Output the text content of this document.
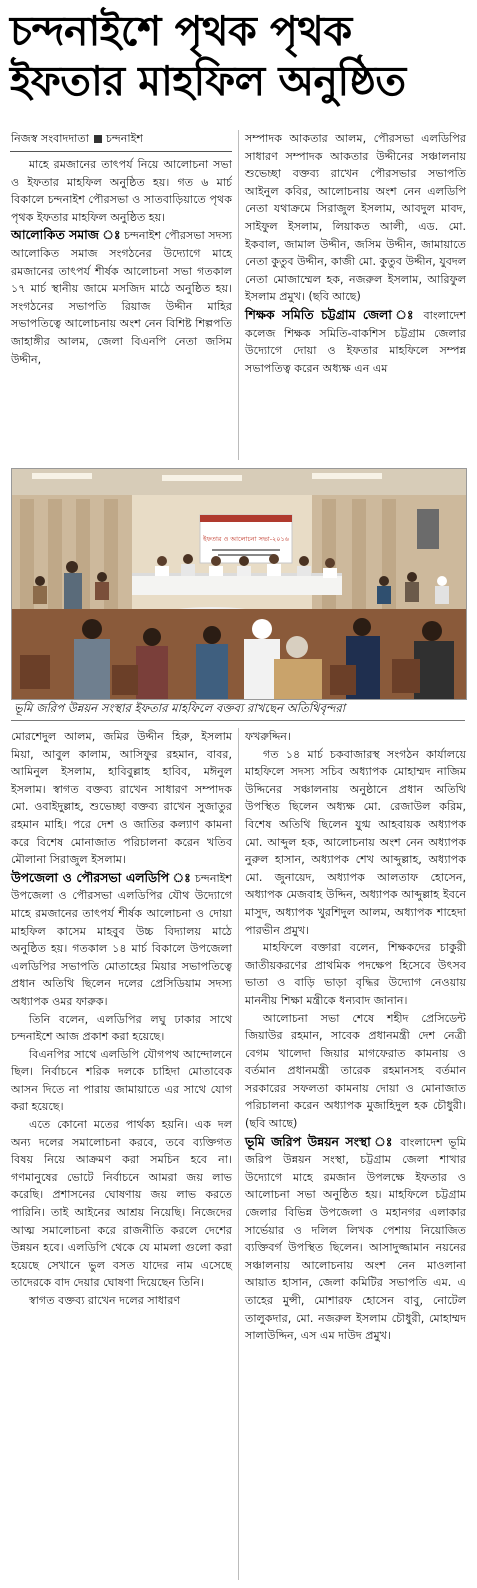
চন্দনাইশে পৃথক পৃথক
ইফতার মাহফিল অনুষ্ঠিত
নিজস্ব সংবাদদাতা চন্দনাইশ

মাহে রমজানের তাৎপর্য নিয়ে আলোচনা সভা ও ইফতার মাহফিল অনুষ্ঠিত হয়। গত ৬ মার্চ বিকালে চন্দনাইশ পৌরসভা ও সাতবাড়িয়াতে পৃথক পৃথক ইফতার মাহফিল অনুষ্ঠিত হয়।

আলোকিত সমাজ ঃ চন্দনাইশ পৌরসভা সদস্য আলোকিত সমাজ সংগঠনের উদ্যোগে মাহে রমজানের তাৎপর্য শীর্ষক আলোচনা সভা গতকাল ১৭ মার্চ স্থানীয় জামে মসজিদ মাঠে অনুষ্ঠিত হয়। সংগঠনের সভাপতি রিয়াজ উদ্দীন মাহির সভাপতিত্বে আলোচনায় অংশ নেন বিশিষ্ট শিল্পপতি জাহাঙ্গীর আলম, জেলা বিএনপি নেতা জসিম উদ্দীন,

সম্পাদক আকতার আলম, পৌরসভা এলডিপির সাধারণ সম্পাদক আকতার উদ্দীনের সঞ্চালনায় শুভেচ্ছা বক্তব্য রাখেন পৌরসভার সভাপতি আইনুল কবির, আলোচনায় অংশ নেন এলডিপি নেতা যথাক্রমে সিরাজুল ইসলাম, আবদুল মাবদ, সাইফুল ইসলাম, লিয়াকত আলী, এড. মো. ইকবাল, জামাল উদ্দীন, জসিম উদ্দীন, জামায়াতে নেতা কুতুব উদ্দীন, কাজী মো. কুতুব উদ্দীন, যুবদল নেতা মোজাম্মেল হক, নজরুল ইসলাম, আরিফুল ইসলাম প্রমুখ। (ছবি আছে)

শিক্ষক সমিতি চট্টগ্রাম জেলা ঃ বাংলাদেশ কলেজ শিক্ষক সমিতি-বাকশিস চট্টগ্রাম জেলার উদ্যোগে দোয়া ও ইফতার মাহফিলে সম্পন্ন সভাপতিত্ব করেন অধ্যক্ষ এন এম

ইফতার ও আলোচনা সভা-২০১৬
ভূমি জরিপ উন্নয়ন সংস্থার ইফতার মাহফিলে বক্তব্য রাখছেন অতিথিবৃন্দরা

মোরশেদুল আলম, জমির উদ্দীন হিরু, ইসলাম মিয়া, আবুল কালাম, আসিফুর রহমান, বাবর, আমিনুল ইসলাম, হাবিবুল্লাহ হাবিব, মঈনুল ইসলাম। স্বাগত বক্তব্য রাখেন সাধারণ সম্পাদক মো. ওবাইদুল্লাহ, শুভেচ্ছা বক্তব্য রাখেন সুজাতুর রহমান মাহি। পরে দেশ ও জাতির কল্যাণ কামনা করে বিশেষ মোনাজাত পরিচালনা করেন খতিব মৌলানা সিরাজুল ইসলাম।

উপজেলা ও পৌরসভা এলডিপি ঃ চন্দনাইশ উপজেলা ও পৌরসভা এলডিপির যৌথ উদ্যোগে মাহে রমজানের তাৎপর্য শীর্ষক আলোচনা ও দোয়া মাহফিল কাসেম মাহবুব উচ্চ বিদ্যালয় মাঠে অনুষ্ঠিত হয়। গতকাল ১৪ মার্চ বিকালে উপজেলা এলডিপির সভাপতি মোতাহের মিয়ার সভাপতিত্বে প্রধান অতিথি ছিলেন দলের প্রেসিডিয়াম সদস্য অধ্যাপক ওমর ফারুক।

তিনি বলেন, এলডিপির লঘু ঢাকার সাথে চন্দনাইশে আজ প্রকাশ করা হয়েছে।

বিএনপির সাথে এলডিপি যৌগপথ আন্দোলনে ছিল। নির্বাচনে শরিক দলকে চাহিদা মোতাবেক আসন দিতে না পারায় জামায়াতে এর সাথে যোগ করা হয়েছে।

এতে কোনো মতের পার্থক্য হয়নি। এক দল অন্য দলের সমালোচনা করবে, তবে ব্যক্তিগত বিষয় নিয়ে আক্রমণ করা সমচিন হবে না। গণমানুষের ভোটে নির্বাচনে আমরা জয় লাভ করেছি। প্রশাসনের ঘোষণায় জয় লাভ করতে পারিনি। তাই আইনের আশ্রয় নিয়েছি। নিজেদের আত্ম সমালোচনা করে রাজনীতি করলে দেশের উন্নয়ন হবে। এলডিপি থেকে যে মামলা গুলো করা হয়েছে সেখানে ভুল বসত যাদের নাম এসেছে তাদেরকে বাদ দেয়ার ঘোষণা দিয়েছেন তিনি।

স্বাগত বক্তব্য রাখেন দলের সাধারণ

ফখরুদ্দিন।

গত ১৪ মার্চ চকবাজারস্থ সংগঠন কার্যালয়ে মাহফিলে সদস্য সচিব অধ্যাপক মোহাম্মদ নাজিম উদ্দিনের সঞ্চালনায় অনুষ্ঠানে প্রধান অতিথি উপস্থিত ছিলেন অধ্যক্ষ মো. রেজাউল করিম, বিশেষ অতিথি ছিলেন যুগ্ম আহবায়ক অধ্যাপক মো. আব্দুল হক, আলোচনায় অংশ নেন অধ্যাপক নুরুল হাসান, অধ্যাপক শেখ আব্দুল্লাহ, অধ্যাপক মো. জুনায়েদ, অধ্যাপক আলতাফ হোসেন, অধ্যাপক মেজবাহ উদ্দিন, অধ্যাপক আব্দুল্লাহ ইবনে মাসুদ, অধ্যাপক খুরশিদুল আলম, অধ্যাপক শাহেদা পারভীন প্রমুখ।

মাহফিলে বক্তারা বলেন, শিক্ষকদের চাকুরী জাতীয়করণের প্রাথমিক পদক্ষেপ হিসেবে উৎসব ভাতা ও বাড়ি ভাড়া বৃদ্ধির উদ্যোগ নেওয়ায় মাননীয় শিক্ষা মন্ত্রীকে ধন্যবাদ জানান।

আলোচনা সভা শেষে শহীদ প্রেসিডেন্ট জিয়াউর রহমান, সাবেক প্রধানমন্ত্রী দেশ নেত্রী বেগম খালেদা জিয়ার মাগফেরাত কামনায় ও বর্তমান প্রধানমন্ত্রী তারেক রহমানসহ বর্তমান সরকারের সফলতা কামনায় দোয়া ও মোনাজাত পরিচালনা করেন অধ্যাপক মুজাহিদুল হক চৌধুরী। (ছবি আছে)

ভূমি জরিপ উন্নয়ন সংস্থা ঃ বাংলাদেশ ভূমি জরিপ উন্নয়ন সংস্থা, চট্টগ্রাম জেলা শাখার উদ্যোগে মাহে রমজান উপলক্ষে ইফতার ও আলোচনা সভা অনুষ্ঠিত হয়। মাহফিলে চট্টগ্রাম জেলার বিভিন্ন উপজেলা ও মহানগর এলাকার সার্ভেয়ার ও দলিল লিখক পেশায় নিয়োজিত ব্যক্তিবর্গ উপস্থিত ছিলেন। আসাদুজ্জামান নয়নের সঞ্চালনায় আলোচনায় অংশ নেন মাওলানা আয়াত হাসান, জেলা কমিটির সভাপতি এম. এ তাহের মুন্সী, মোশারফ হোসেন বাবু, নোটেল তালুকদার, মো. নজরুল ইসলাম চৌধুরী, মোহাম্মদ সালাউদ্দিন, এস এম দাউদ প্রমুখ।
